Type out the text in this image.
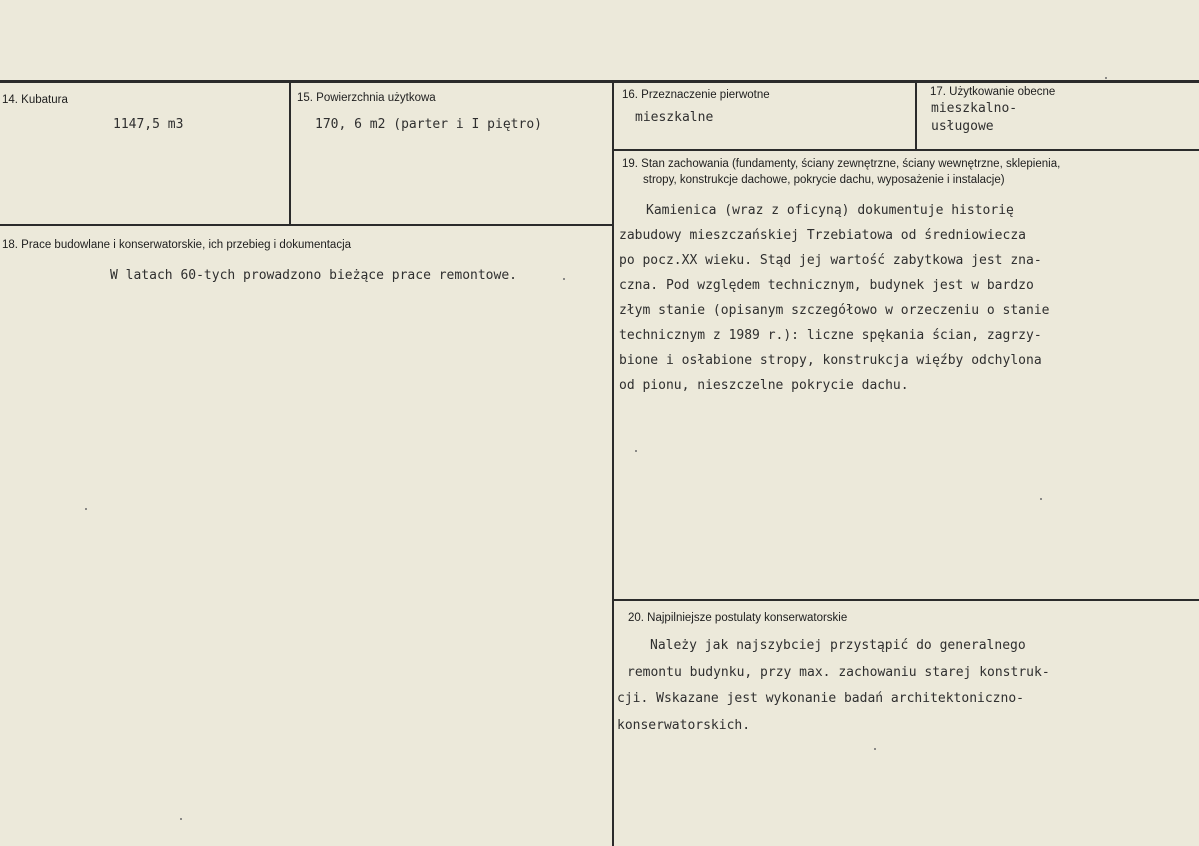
14. Kubatura
1147,5 m3
15. Powierzchnia użytkowa
170, 6 m2 (parter i I piętro)
16. Przeznaczenie pierwotne
mieszkalne
17. Użytkowanie obecne
mieszkalno-
usługowe
18. Prace budowlane i konserwatorskie, ich przebieg i dokumentacja
W latach 60-tych prowadzono bieżące prace remontowe.
19. Stan zachowania (fundamenty, ściany zewnętrzne, ściany wewnętrzne, sklepienia,
stropy, konstrukcje dachowe, pokrycie dachu, wyposażenie i instalacje)
Kamienica (wraz z oficyną) dokumentuje historię
zabudowy mieszczańskiej Trzebiatowa od średniowiecza
po pocz.XX wieku. Stąd jej wartość zabytkowa jest zna-
czna. Pod względem technicznym, budynek jest w bardzo
złym stanie (opisanym szczegółowo w orzeczeniu o stanie
technicznym z 1989 r.): liczne spękania ścian, zagrzy-
bione i osłabione stropy, konstrukcja więźby odchylona
od pionu, nieszczelne pokrycie dachu.
20. Najpilniejsze postulaty konserwatorskie
Należy jak najszybciej przystąpić do generalnego
remontu budynku, przy max. zachowaniu starej konstruk-
cji. Wskazane jest wykonanie badań architektoniczno-
konserwatorskich.
